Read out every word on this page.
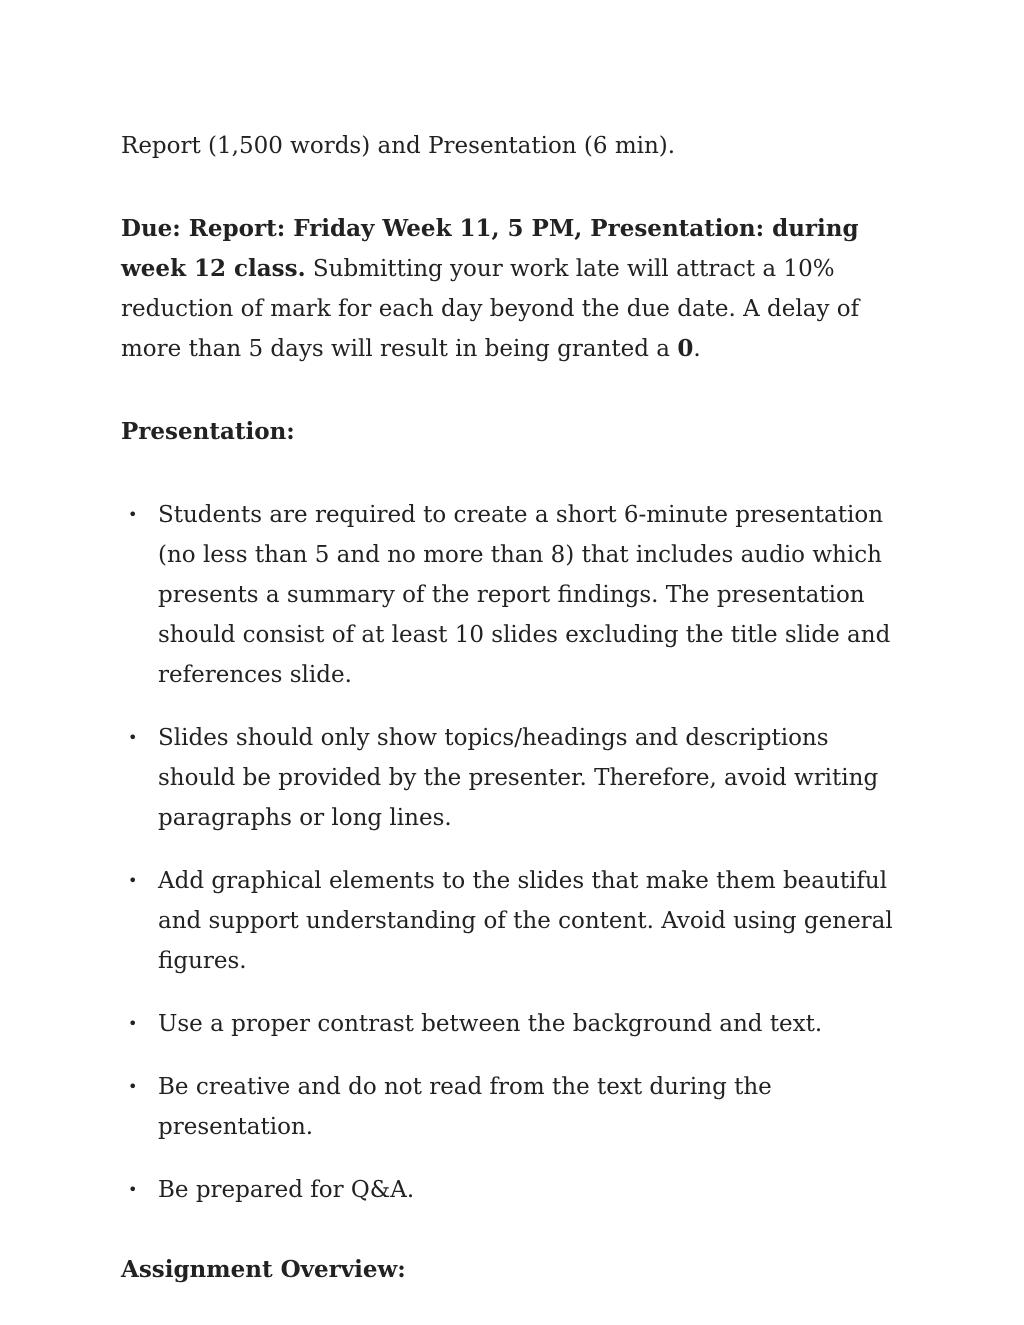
Report (1,500 words) and Presentation (6 min).

Due: Report: Friday Week 11, 5 PM, Presentation: during week 12 class. Submitting your work late will attract a 10% reduction of mark for each day beyond the due date. A delay of more than 5 days will result in being granted a 0.

Presentation:

• Students are required to create a short 6-minute presentation (no less than 5 and no more than 8) that includes audio which presents a summary of the report findings. The presentation should consist of at least 10 slides excluding the title slide and references slide.
• Slides should only show topics/headings and descriptions should be provided by the presenter. Therefore, avoid writing paragraphs or long lines.
• Add graphical elements to the slides that make them beautiful and support understanding of the content. Avoid using general figures.
• Use a proper contrast between the background and text.
• Be creative and do not read from the text during the presentation.
• Be prepared for Q&A.

Assignment Overview:
